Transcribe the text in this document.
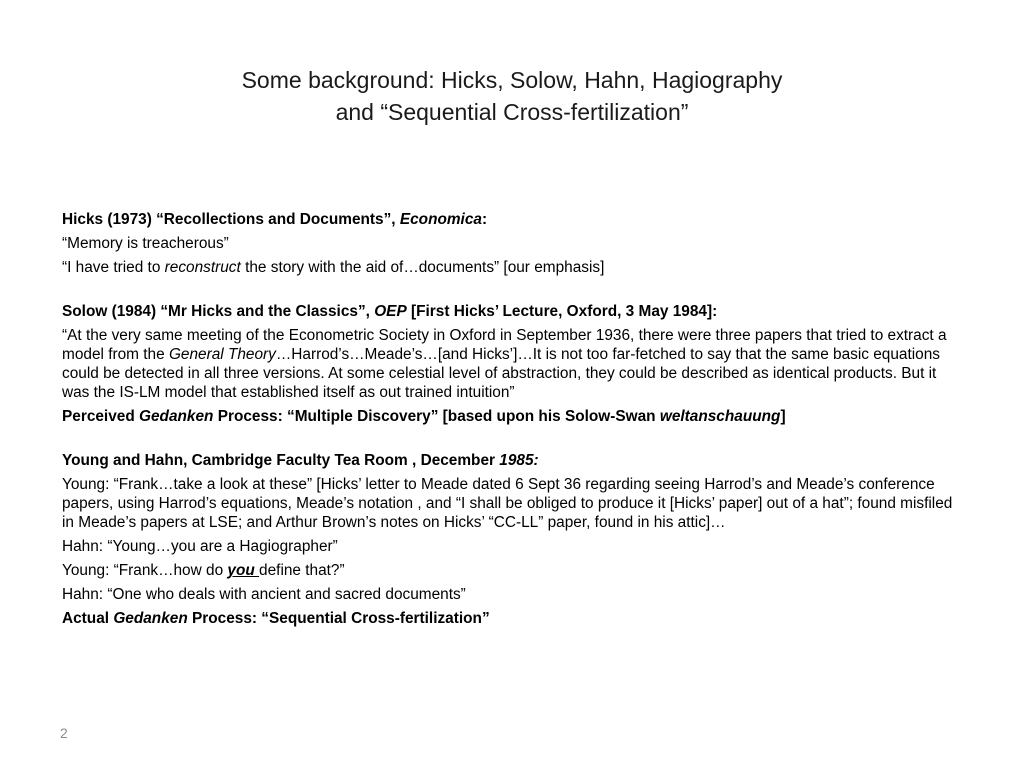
Some background: Hicks, Solow, Hahn, Hagiography
and “Sequential Cross-fertilization”
Hicks (1973) “Recollections and Documents”, Economica:
“Memory is treacherous”
“I have tried to reconstruct the story with the aid of…documents” [our emphasis]
Solow (1984) “Mr Hicks and the Classics”, OEP [First Hicks’ Lecture, Oxford, 3 May 1984]:
“At the very same meeting of the Econometric Society in Oxford in September 1936, there were three papers that tried to extract a model from the General Theory…Harrod’s…Meade’s…[and Hicks’]…It is not too far-fetched to say that the same basic equations could be detected in all three versions. At some celestial level of abstraction, they could be described as identical products. But it was the IS-LM model that established itself as out trained intuition”
Perceived Gedanken Process: “Multiple Discovery” [based upon his Solow-Swan weltanschauung]
Young and Hahn, Cambridge Faculty Tea Room , December 1985:
Young: “Frank…take a look at these” [Hicks’ letter to Meade dated 6 Sept 36 regarding seeing Harrod’s and Meade’s conference papers, using Harrod’s equations, Meade’s notation , and “I shall be obliged to produce it [Hicks’ paper] out of a hat”; found misfiled in Meade’s papers at LSE; and Arthur Brown’s notes on Hicks’ “CC-LL” paper, found in his attic]…
Hahn: “Young…you are a Hagiographer”
Young: “Frank…how do you define that?”
Hahn: “One who deals with ancient and sacred documents”
Actual Gedanken Process: “Sequential Cross-fertilization”
2
